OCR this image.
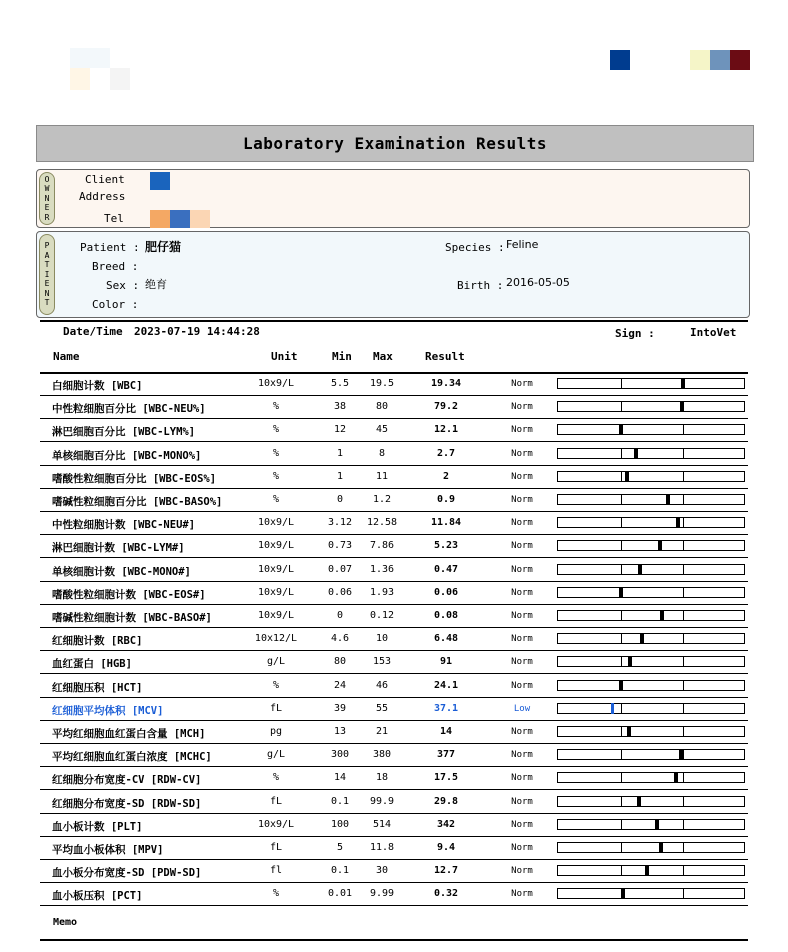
Laboratory Examination Results
O
W
N
E
R
Client
Address
Tel
P
A
T
I
E
N
T
Patient : 肥仔猫
Breed :
Sex : 绝育
Color :
Species : Feline
Birth : 2016-05-05
Date/Time 2023-07-19 14:44:28	Sign :	IntoVet
Name	Unit	Min Max	Result
白细胞计数 [WBC]	10x9/L	5.5	19.5	19.34	Norm
中性粒细胞百分比 [WBC-NEU%]	%	38	80	79.2	Norm
淋巴细胞百分比 [WBC-LYM%]	%	12	45	12.1	Norm
单核细胞百分比 [WBC-MONO%]	%	1	8	2.7	Norm
嗜酸性粒细胞百分比 [WBC-EOS%]	%	1	11	2	Norm
嗜碱性粒细胞百分比 [WBC-BASO%]	%	0	1.2	0.9	Norm
中性粒细胞计数 [WBC-NEU#]	10x9/L	3.12	12.58	11.84	Norm
淋巴细胞计数 [WBC-LYM#]	10x9/L	0.73	7.86	5.23	Norm
单核细胞计数 [WBC-MONO#]	10x9/L	0.07	1.36	0.47	Norm
嗜酸性粒细胞计数 [WBC-EOS#]	10x9/L	0.06	1.93	0.06	Norm
嗜碱性粒细胞计数 [WBC-BASO#]	10x9/L	0	0.12	0.08	Norm
红细胞计数 [RBC]	10x12/L	4.6	10	6.48	Norm
血红蛋白 [HGB]	g/L	80	153	91	Norm
红细胞压积 [HCT]	%	24	46	24.1	Norm
红细胞平均体积 [MCV]	fL	39	55	37.1	Low
平均红细胞血红蛋白含量 [MCH]	pg	13	21	14	Norm
平均红细胞血红蛋白浓度 [MCHC]	g/L	300	380	377	Norm
红细胞分布宽度-CV [RDW-CV]	%	14	18	17.5	Norm
红细胞分布宽度-SD [RDW-SD]	fL	0.1	99.9	29.8	Norm
血小板计数 [PLT]	10x9/L	100	514	342	Norm
平均血小板体积 [MPV]	fL	5	11.8	9.4	Norm
血小板分布宽度-SD [PDW-SD]	fl	0.1	30	12.7	Norm
血小板压积 [PCT]	%	0.01	9.99	0.32	Norm
Memo
